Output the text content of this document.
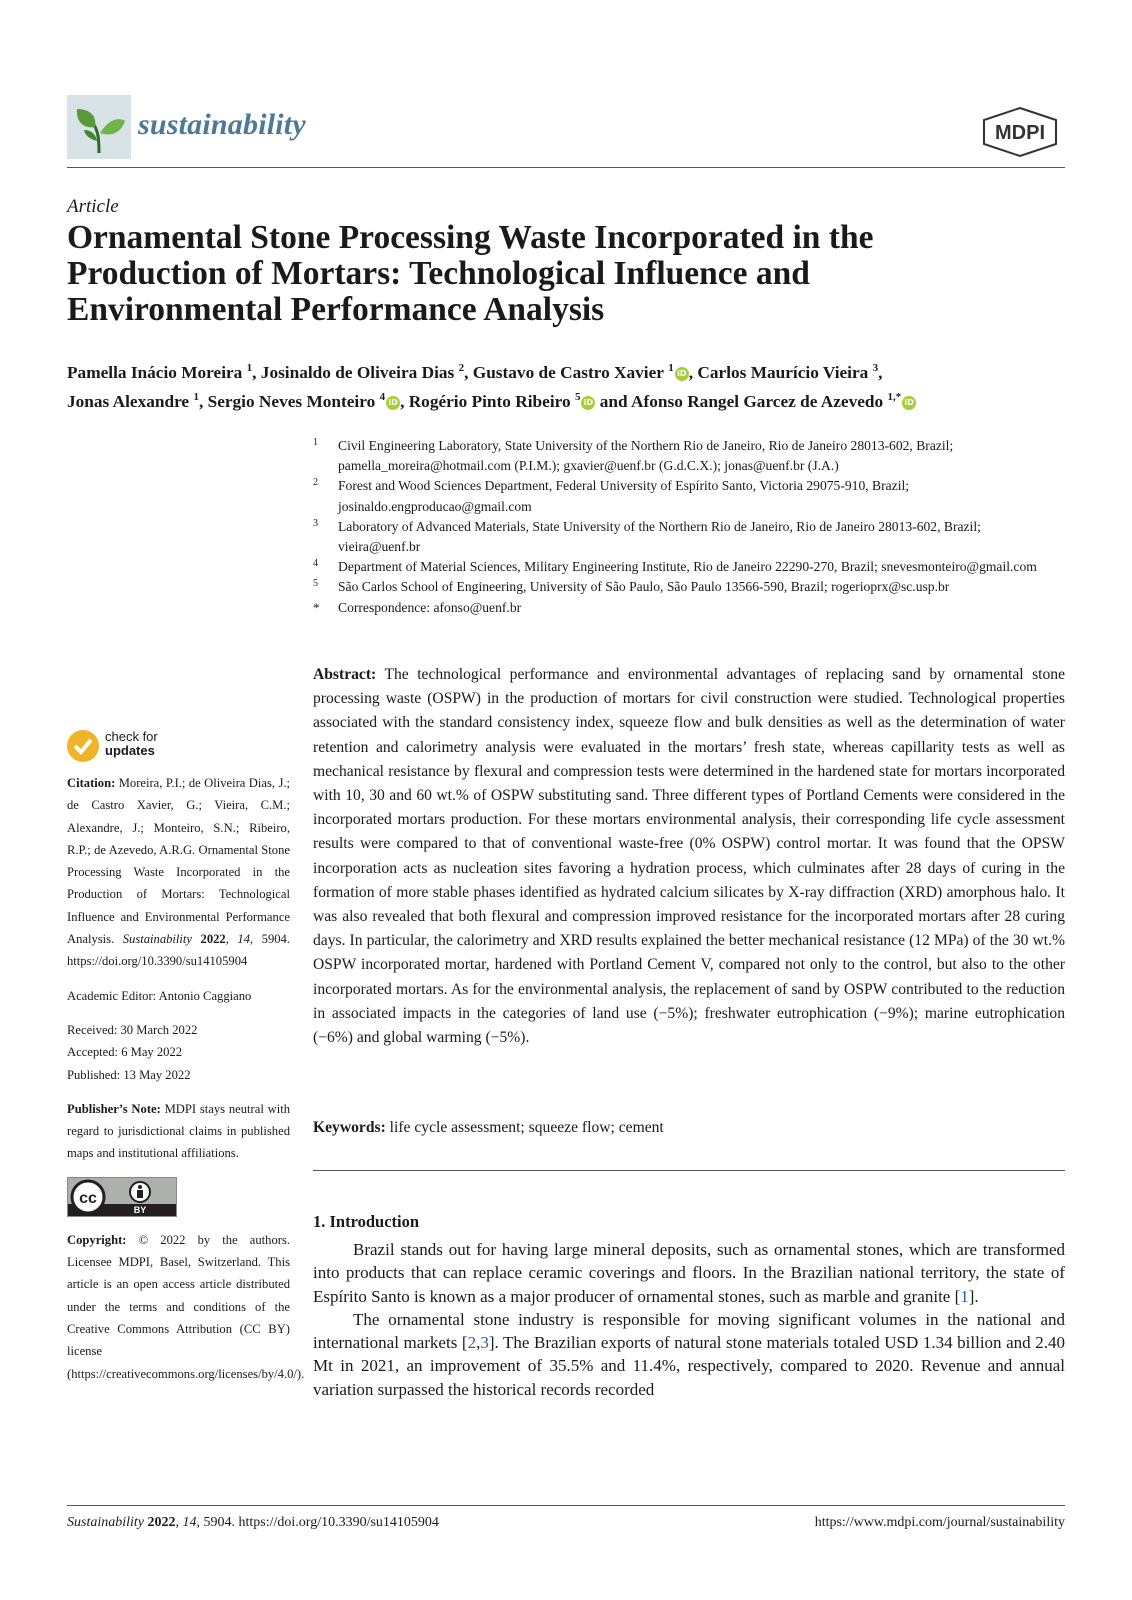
sustainability	MDPI
Article
Ornamental Stone Processing Waste Incorporated in the Production of Mortars: Technological Influence and Environmental Performance Analysis
Pamella Inácio Moreira $^1$, Josinaldo de Oliveira Dias $^2$, Gustavo de Castro Xavier $^1$ iD , Carlos Maurício Vieira $^3$,
Jonas Alexandre $^1$, Sergio Neves Monteiro $^4$ iD , Rogério Pinto Ribeiro $^5$ iD and Afonso Rangel Garcez de Azevedo $^{1,*}$ iD
1 Civil Engineering Laboratory, State University of the Northern Rio de Janeiro, Rio de Janeiro 28013-602, Brazil; pamella_moreira@hotmail.com (P.I.M.); gxavier@uenf.br (G.d.C.X.); jonas@uenf.br (J.A.)
2 Forest and Wood Sciences Department, Federal University of Espírito Santo, Victoria 29075-910, Brazil; josinaldo.engproducao@gmail.com
3 Laboratory of Advanced Materials, State University of the Northern Rio de Janeiro, Rio de Janeiro 28013-602, Brazil; vieira@uenf.br
4 Department of Material Sciences, Military Engineering Institute, Rio de Janeiro 22290-270, Brazil; snevesmonteiro@gmail.com
5 São Carlos School of Engineering, University of São Paulo, São Paulo 13566-590, Brazil; rogerioprx@sc.usp.br
* Correspondence: afonso@uenf.br
Abstract: The technological performance and environmental advantages of replacing sand by ornamental stone processing waste (OSPW) in the production of mortars for civil construction were studied. Technological properties associated with the standard consistency index, squeeze flow and bulk densities as well as the determination of water retention and calorimetry analysis were evaluated in the mortars’ fresh state, whereas capillarity tests as well as mechanical resistance by flexural and compression tests were determined in the hardened state for mortars incorporated with 10, 30 and 60 wt.% of OSPW substituting sand. Three different types of Portland Cements were considered in the incorporated mortars production. For these mortars environmental analysis, their corresponding life cycle assessment results were compared to that of conventional waste-free (0% OSPW) control mortar. It was found that the OPSW incorporation acts as nucleation sites favoring a hydration process, which culminates after 28 days of curing in the formation of more stable phases identified as hydrated calcium silicates by X-ray diffraction (XRD) amorphous halo. It was also revealed that both flexural and compression improved resistance for the incorporated mortars after 28 curing days. In particular, the calorimetry and XRD results explained the better mechanical resistance (12 MPa) of the 30 wt.% OSPW incorporated mortar, hardened with Portland Cement V, compared not only to the control, but also to the other incorporated mortars. As for the environmental analysis, the replacement of sand by OSPW contributed to the reduction in associated impacts in the categories of land use (−5%); freshwater eutrophication (−9%); marine eutrophication (−6%) and global warming (−5%).
Keywords: life cycle assessment; squeeze flow; cement
1. Introduction

Brazil stands out for having large mineral deposits, such as ornamental stones, which are transformed into products that can replace ceramic coverings and floors. In the Brazilian national territory, the state of Espírito Santo is known as a major producer of ornamental stones, such as marble and granite [1].

The ornamental stone industry is responsible for moving significant volumes in the national and international markets [2,3]. The Brazilian exports of natural stone materials totaled USD 1.34 billion and 2.40 Mt in 2021, an improvement of 35.5% and 11.4%, respectively, compared to 2020. Revenue and annual variation surpassed the historical records recorded

check for
updates
Citation: Moreira, P.I.; de Oliveira Dias, J.; de Castro Xavier, G.; Vieira, C.M.; Alexandre, J.; Monteiro, S.N.; Ribeiro, R.P.; de Azevedo, A.R.G. Ornamental Stone Processing Waste Incorporated in the Production of Mortars: Technological Influence and Environmental Performance Analysis. Sustainability 2022, 14, 5904. https://doi.org/10.3390/su14105904
Academic Editor: Antonio Caggiano
Received: 30 March 2022
Accepted: 6 May 2022
Published: 13 May 2022
Publisher’s Note: MDPI stays neutral with regard to jurisdictional claims in published maps and institutional affiliations.
cc
BY
Copyright: © 2022 by the authors. Licensee MDPI, Basel, Switzerland. This article is an open access article distributed under the terms and conditions of the Creative Commons Attribution (CC BY) license (https://creativecommons.org/licenses/by/4.0/).
Sustainability 2022, 14, 5904. https://doi.org/10.3390/su14105904	https://www.mdpi.com/journal/sustainability
